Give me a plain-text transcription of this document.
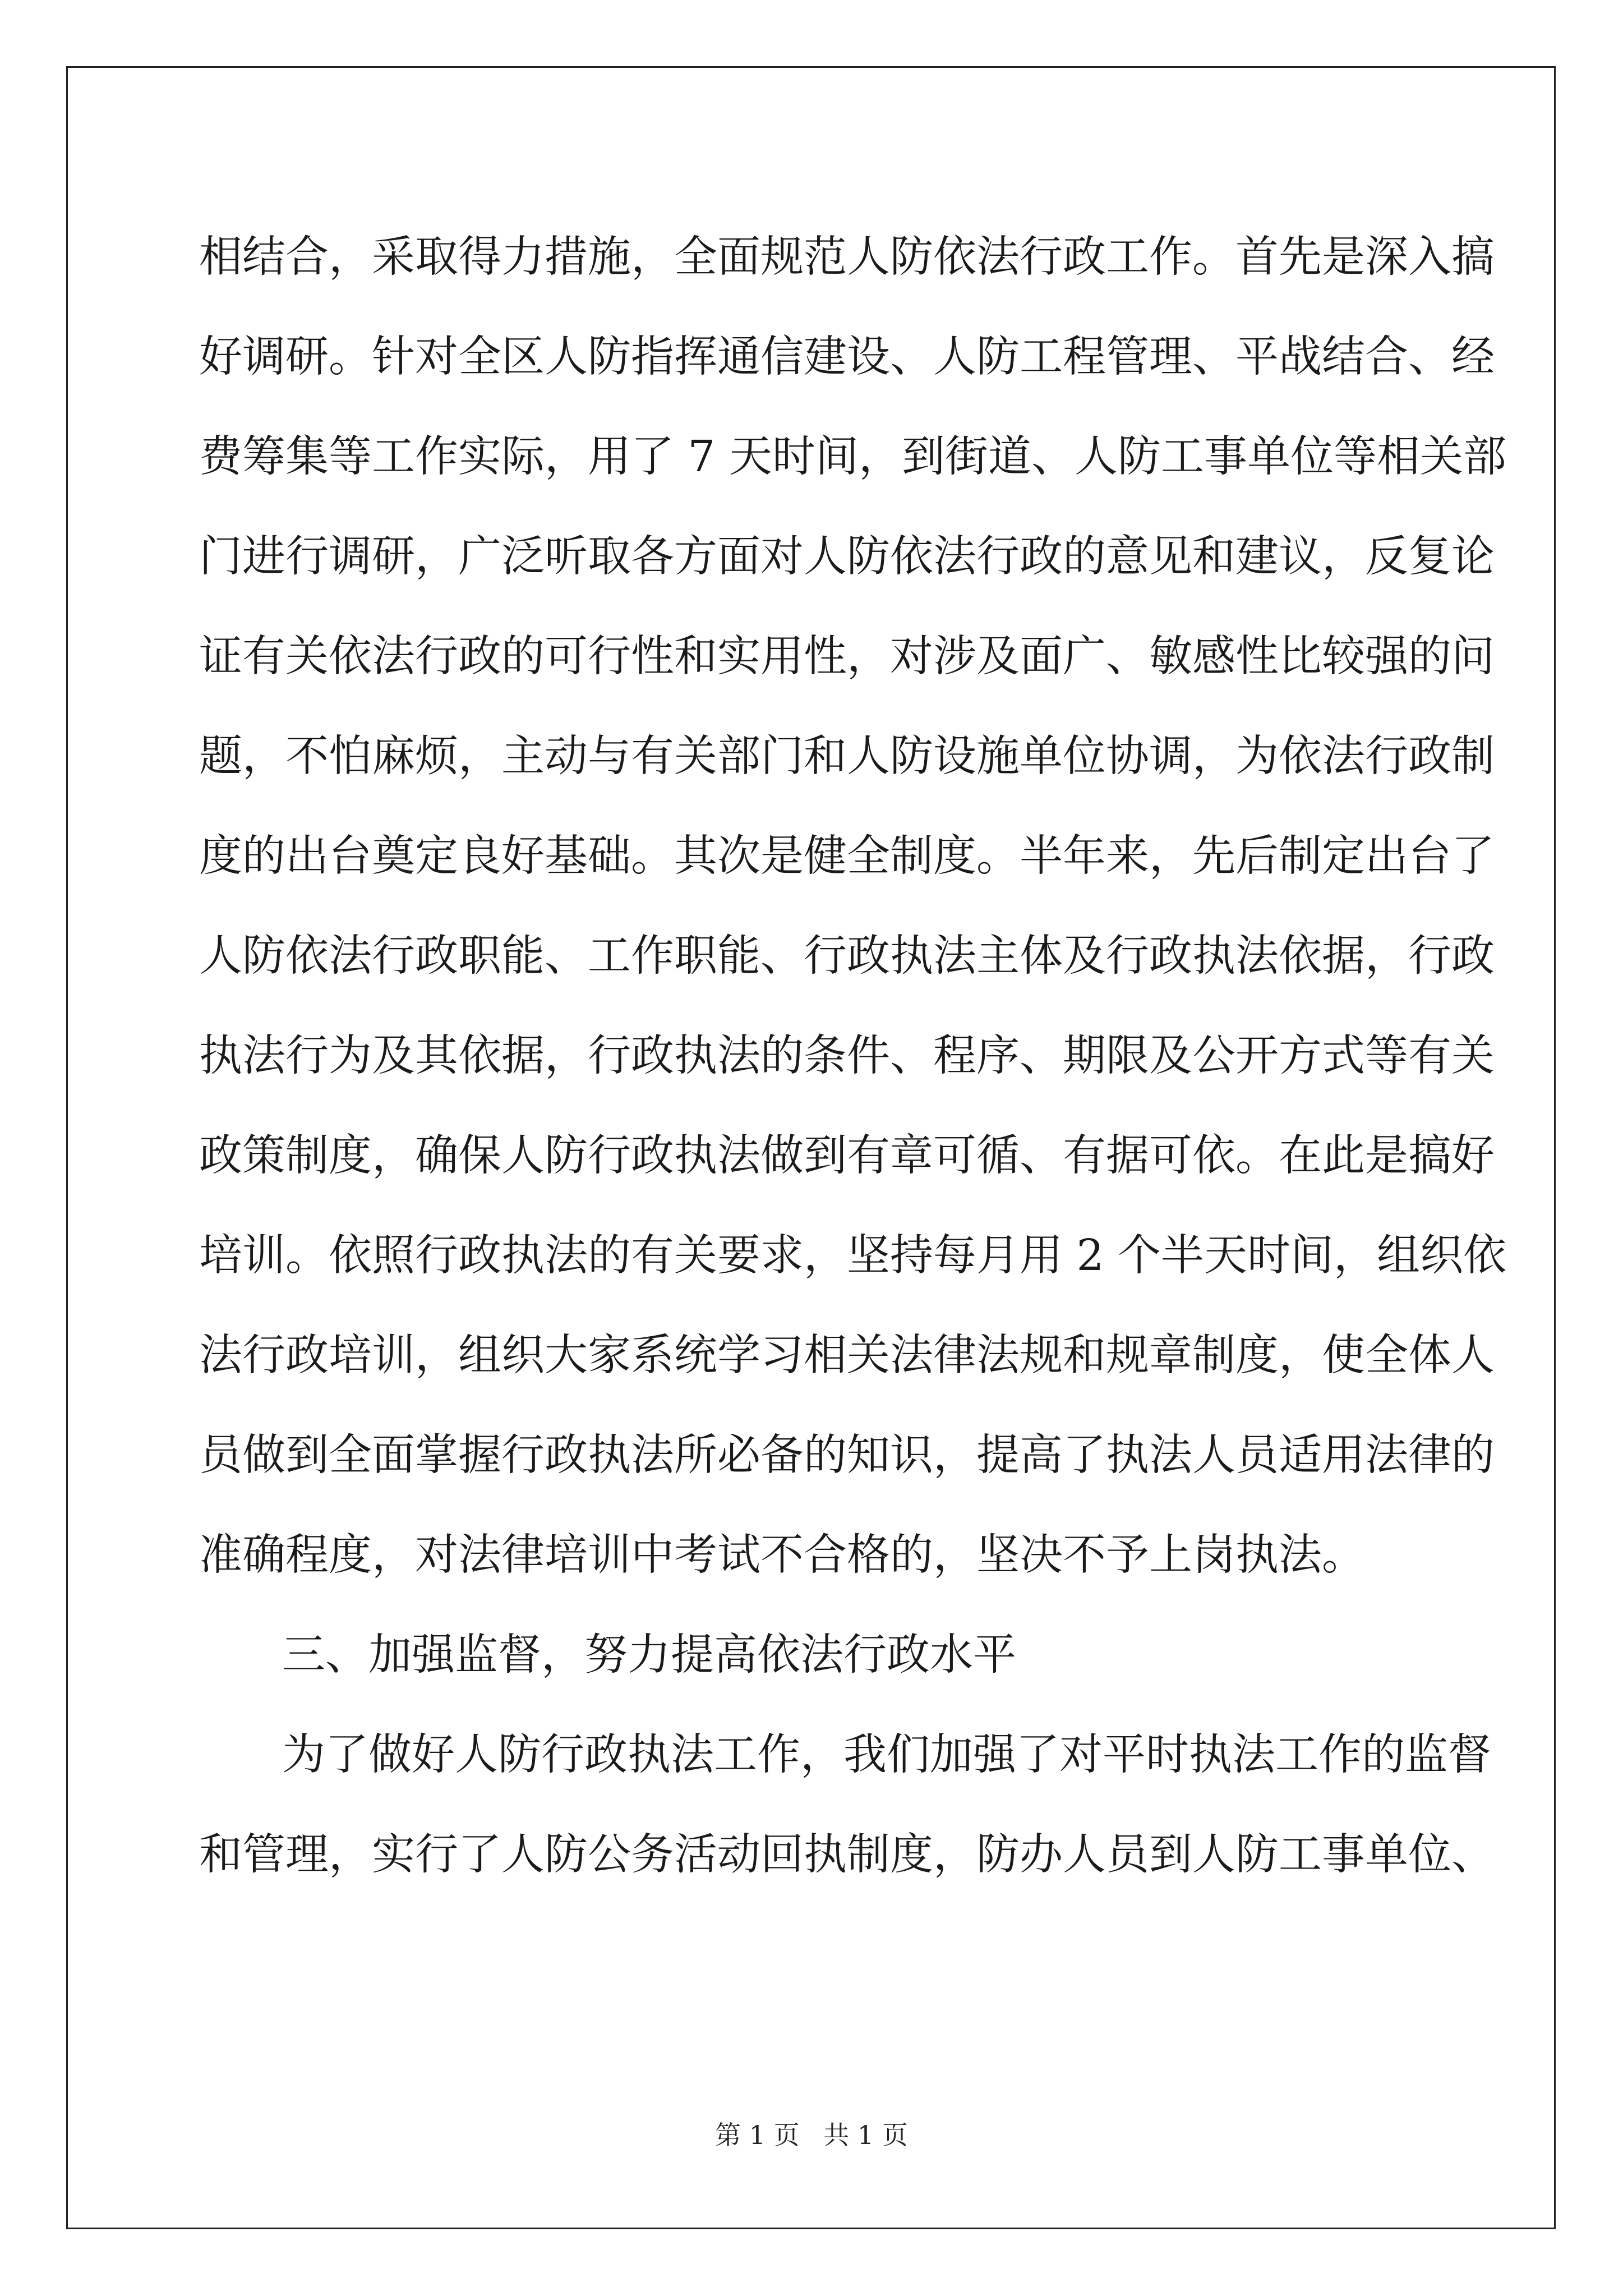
相结合，采取得力措施，全面规范人防依法行政工作。首先是深入搞
好调研。针对全区人防指挥通信建设、人防工程管理、平战结合、经
费筹集等工作实际，用了 7 天时间，到街道、人防工事单位等相关部
门进行调研，广泛听取各方面对人防依法行政的意见和建议，反复论
证有关依法行政的可行性和实用性，对涉及面广、敏感性比较强的问
题，不怕麻烦，主动与有关部门和人防设施单位协调，为依法行政制
度的出台奠定良好基础。其次是健全制度。半年来，先后制定出台了
人防依法行政职能、工作职能、行政执法主体及行政执法依据，行政
执法行为及其依据，行政执法的条件、程序、期限及公开方式等有关
政策制度，确保人防行政执法做到有章可循、有据可依。在此是搞好
培训。依照行政执法的有关要求，坚持每月用 2 个半天时间，组织依
法行政培训，组织大家系统学习相关法律法规和规章制度，使全体人
员做到全面掌握行政执法所必备的知识，提高了执法人员适用法律的
准确程度，对法律培训中考试不合格的，坚决不予上岗执法。
三、加强监督，努力提高依法行政水平
为了做好人防行政执法工作，我们加强了对平时执法工作的监督
和管理，实行了人防公务活动回执制度，防办人员到人防工事单位、
第 1 页 共 1 页
